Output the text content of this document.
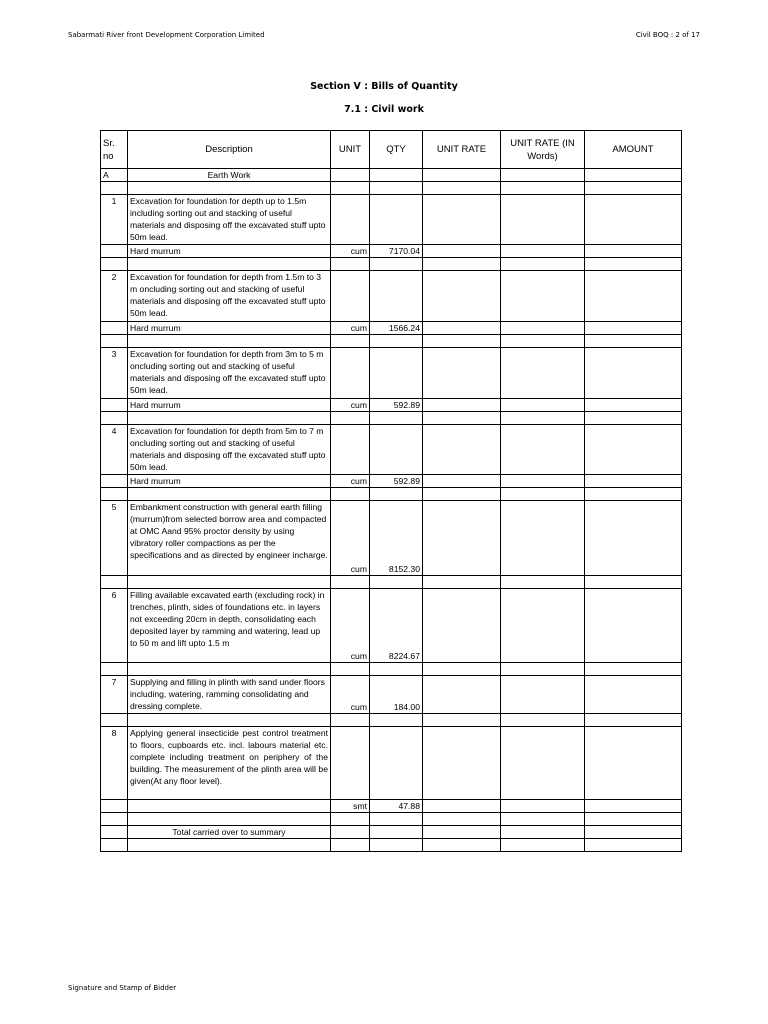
Sabarmati River front Development Corporation Limited	Civil BOQ : 2 of 17
Section V : Bills of Quantity
7.1 : Civil work
Sr. no	Description	UNIT	QTY	UNIT RATE	UNIT RATE (IN Words)	AMOUNT
A	Earth Work					

1	Excavation for foundation for depth up to 1.5m including sorting out and stacking of useful materials and disposing off the excavated stuff upto 50m lead.					
	Hard murrum	cum	7170.04			

2	Excavation for foundation for depth from 1.5m to 3 m oncluding sorting out and stacking of useful materials and disposing off the excavated stuff upto 50m lead.					
	Hard murrum	cum	1566.24			

3	Excavation for foundation for depth from 3m to 5 m oncluding sorting out and stacking of useful materials and disposing off the excavated stuff upto 50m lead.					
	Hard murrum	cum	592.89			

4	Excavation for foundation for depth from 5m to 7 m oncluding sorting out and stacking of useful materials and disposing off the excavated stuff upto 50m lead.					
	Hard murrum	cum	592.89			

5	Embankment construction with general earth filling (murrum)from selected borrow area and compacted at OMC Aand 95% proctor density by using vibratory roller compactions as per the specifications and as directed by engineer incharge.	cum	8152.30			

6	Filling available excavated earth (excluding rock) in trenches, plinth, sides of foundations etc. in layers not exceeding 20cm in depth, consolidating each deposited layer by ramming and watering, lead up to 50 m and lift upto 1.5 m	cum	8224.67			

7	Supplying and filling in plinth with sand under floors including, watering, ramming consolidating and dressing complete.	cum	184.00			

8	Applying general insecticide pest control treatment to floors, cupboards etc. incl. labours material etc. complete including treatment on periphery of the building. The measurement of the plinth area will be given(At any floor level).					
		smt	47.88			

	Total carried over to summary					

Signature and Stamp of Bidder
